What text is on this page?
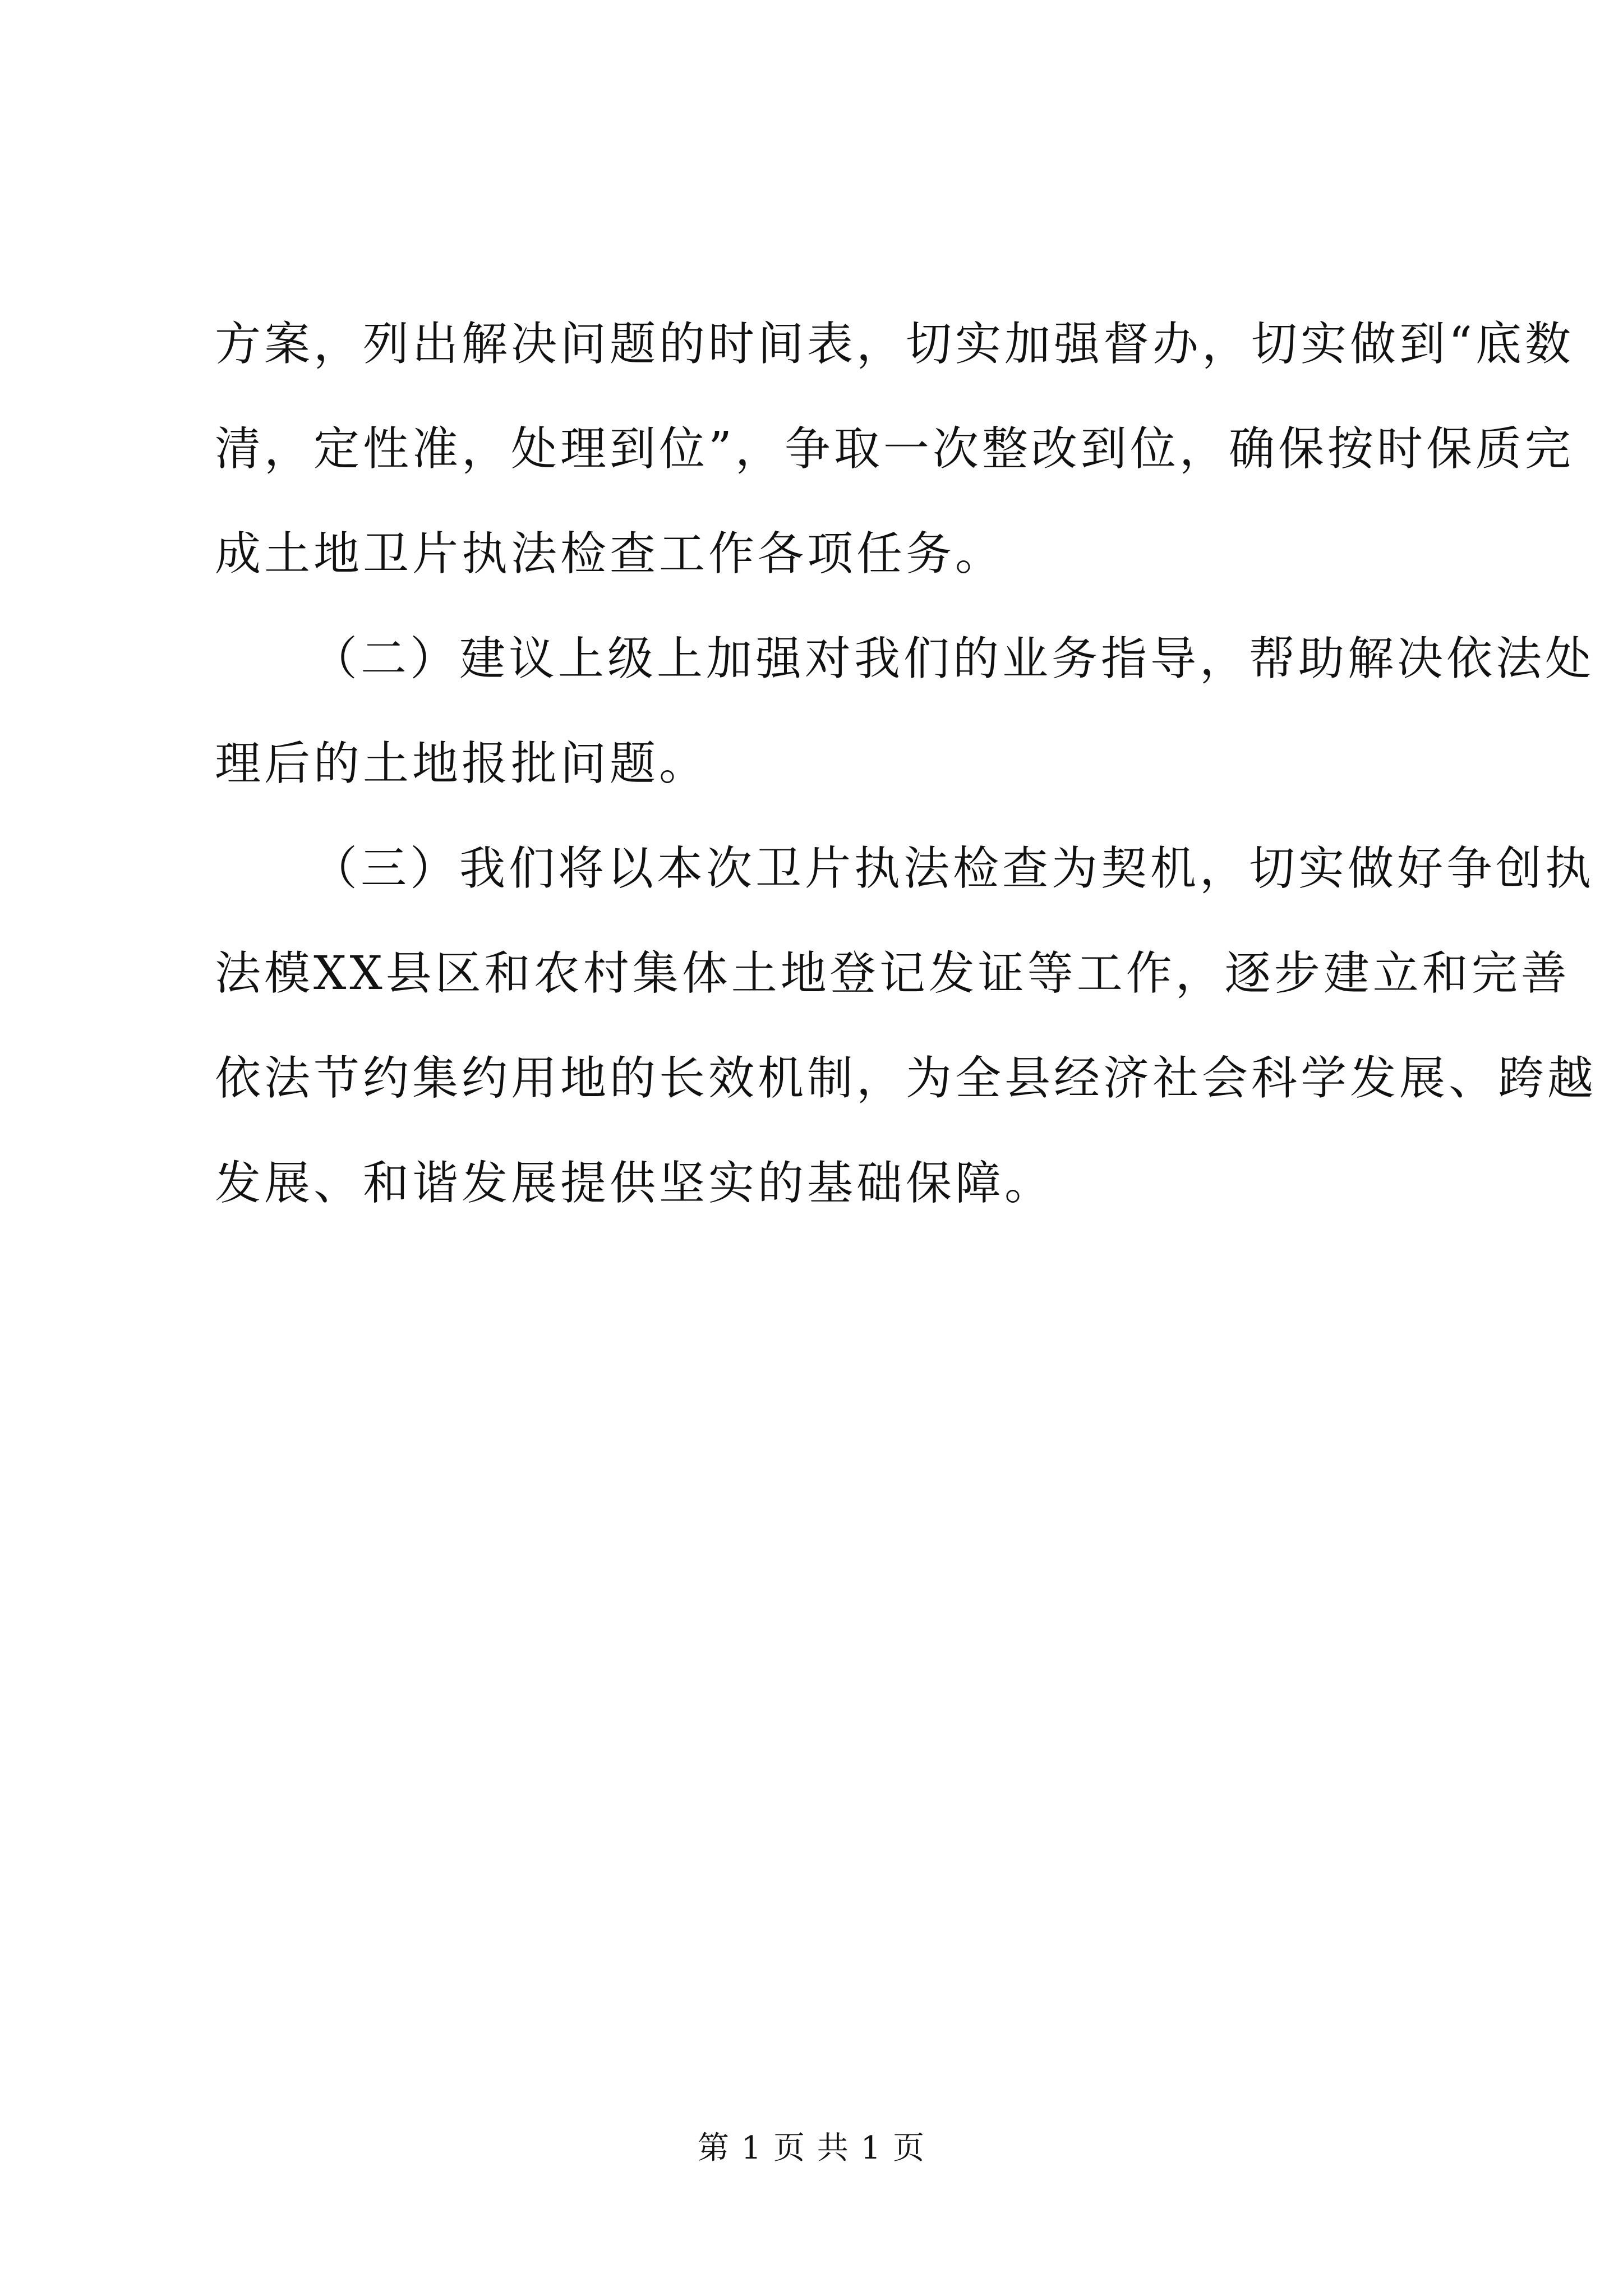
方案，列出解决问题的时间表，切实加强督办，切实做到“底数
清，定性准，处理到位”，争取一次整改到位，确保按时保质完
成土地卫片执法检查工作各项任务。
（二）建议上级上加强对我们的业务指导，帮助解决依法处
理后的土地报批问题。
（三）我们将以本次卫片执法检查为契机，切实做好争创执
法模XX县区和农村集体土地登记发证等工作，逐步建立和完善
依法节约集约用地的长效机制，为全县经济社会科学发展、跨越
发展、和谐发展提供坚实的基础保障。
第 1 页 共 1 页
